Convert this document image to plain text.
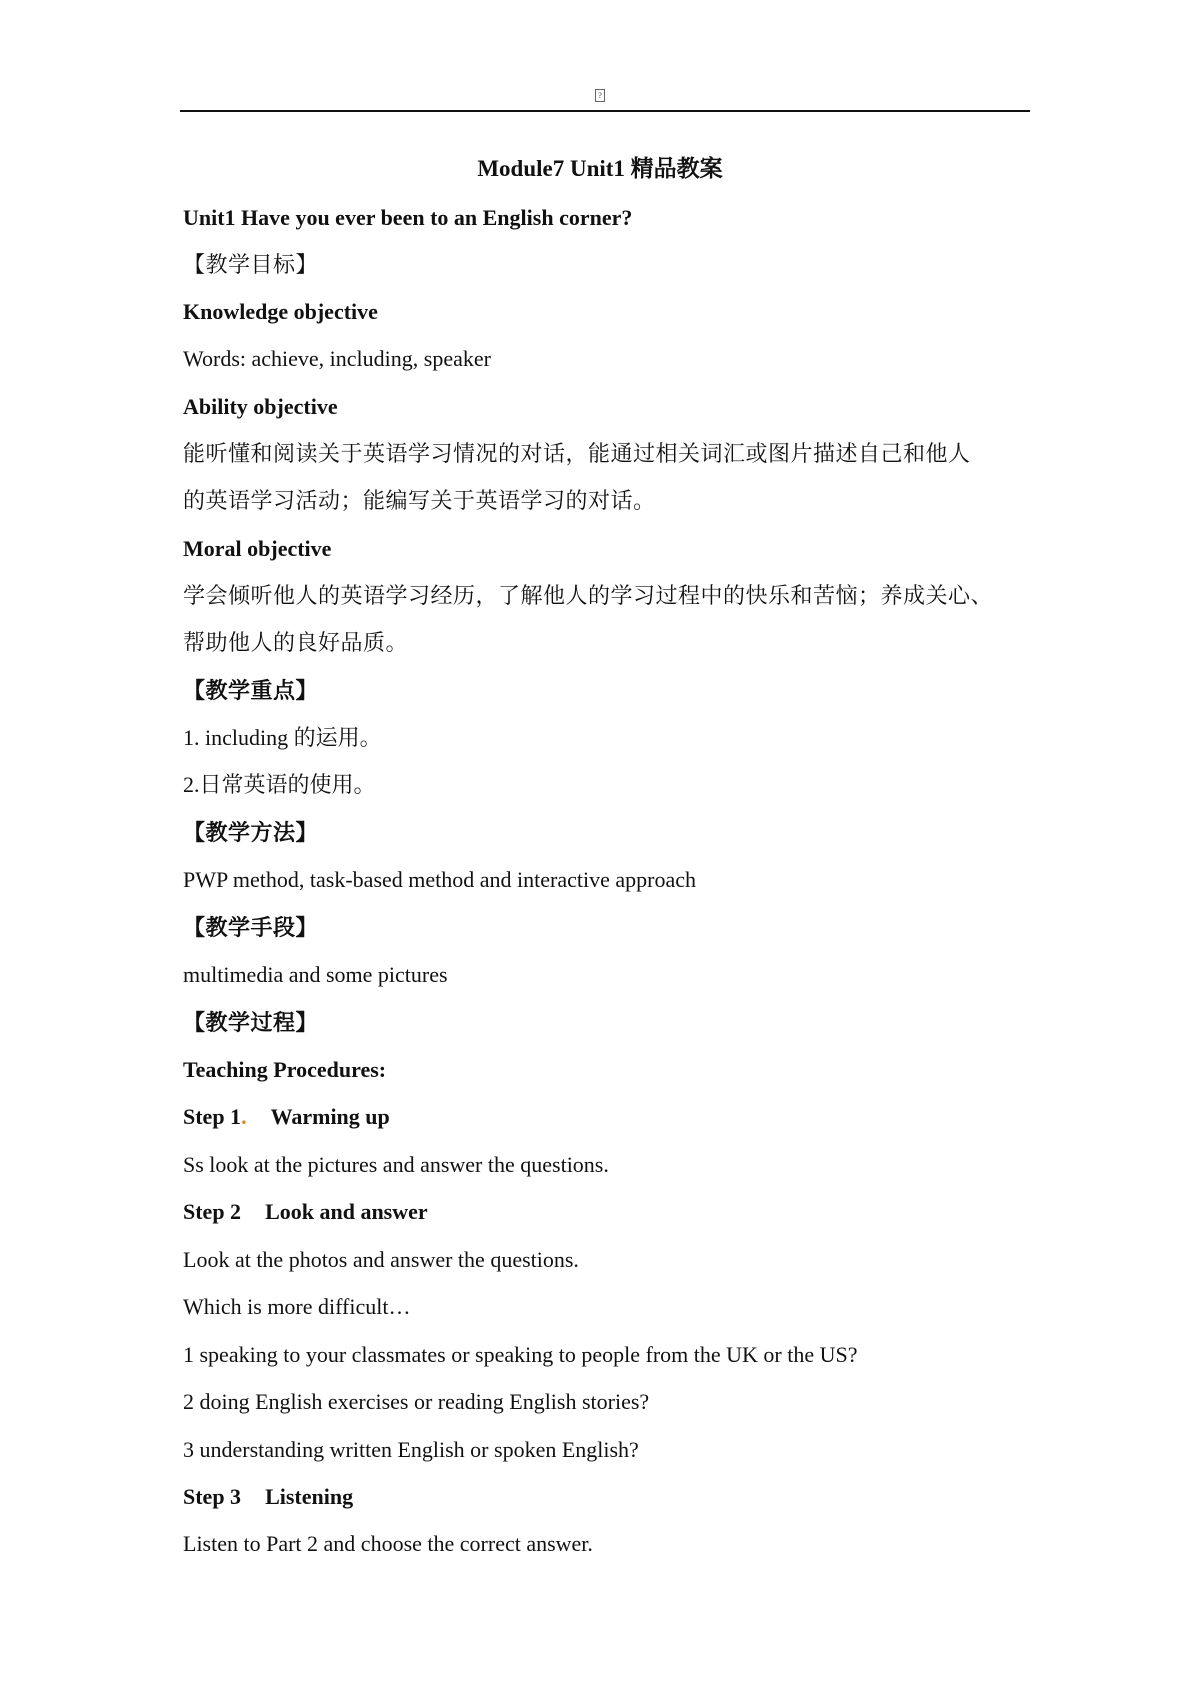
?
Module7 Unit1 精品教案
Unit1 Have you ever been to an English corner?
【教学目标】
Knowledge objective
Words: achieve, including, speaker
Ability objective
能听懂和阅读关于英语学习情况的对话，能通过相关词汇或图片描述自己和他人
的英语学习活动；能编写关于英语学习的对话。
Moral objective
学会倾听他人的英语学习经历，了解他人的学习过程中的快乐和苦恼；养成关心、
帮助他人的良好品质。
【教学重点】
1. including 的运用。
2.日常英语的使用。
【教学方法】
PWP method, task-based method and interactive approach
【教学手段】
multimedia and some pictures
【教学过程】
Teaching Procedures:
Step 1. Warming up
Ss look at the pictures and answer the questions.
Step 2 Look and answer
Look at the photos and answer the questions.
Which is more difficult…
1 speaking to your classmates or speaking to people from the UK or the US?
2 doing English exercises or reading English stories?
3 understanding written English or spoken English?
Step 3 Listening
Listen to Part 2 and choose the correct answer.
